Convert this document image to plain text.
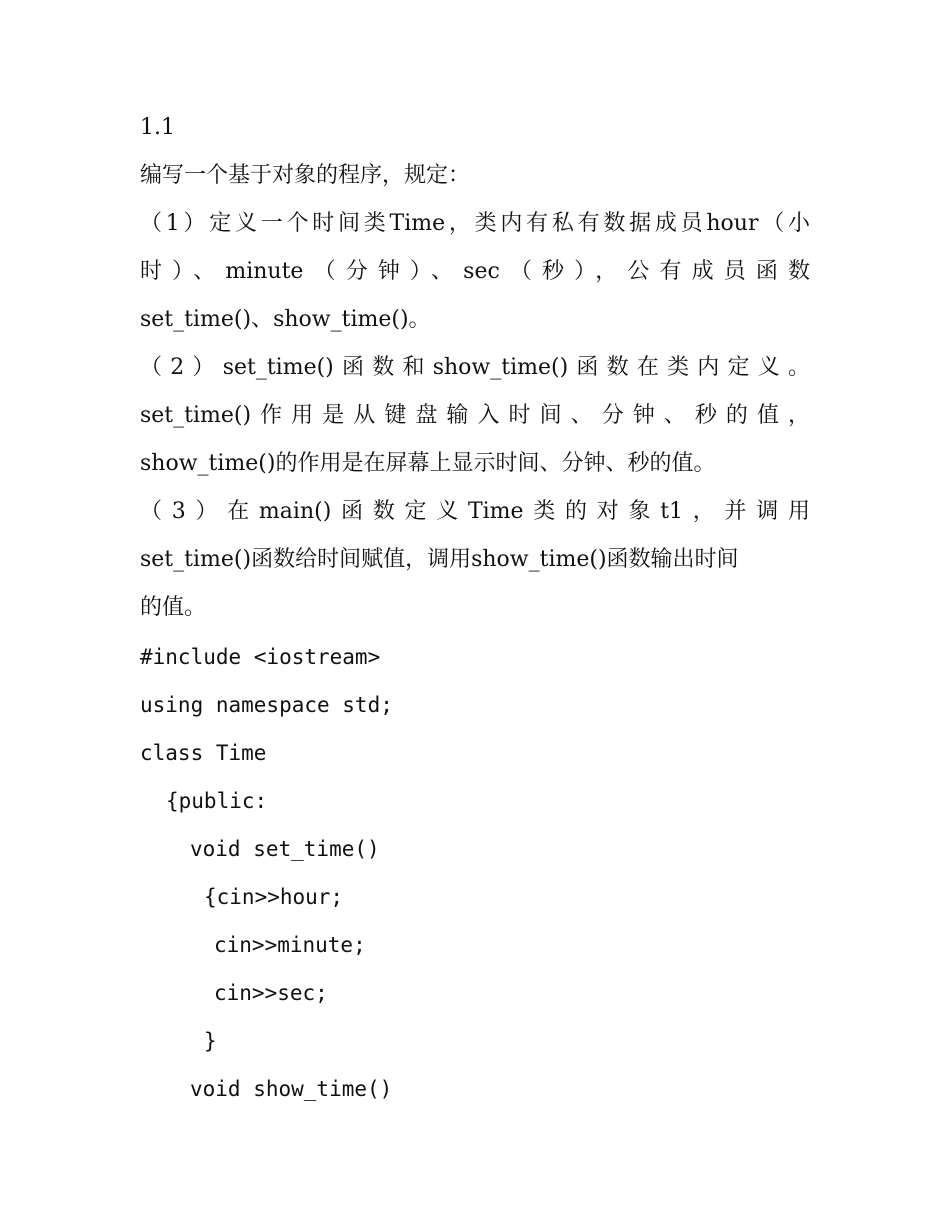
1.1
编写一个基于对象的程序，规定：
（1）定义一个时间类Time，类内有私有数据成员hour（小
时）、minute（分钟）、sec（秒），公有成员函数
set_time()、show_time()。
（2）set_time()函数和show_time()函数在类内定义。
set_time()作用是从键盘输入时间、分钟、秒的值，
show_time()的作用是在屏幕上显示时间、分钟、秒的值。
（3）在main()函数定义Time类的对象t1，并调用
set_time()函数给时间赋值，调用show_time()函数输出时间
的值。
#include <iostream>
using namespace std;
class Time
{public:
void set_time()
{cin>>hour;
cin>>minute;
cin>>sec;
}
void show_time()
